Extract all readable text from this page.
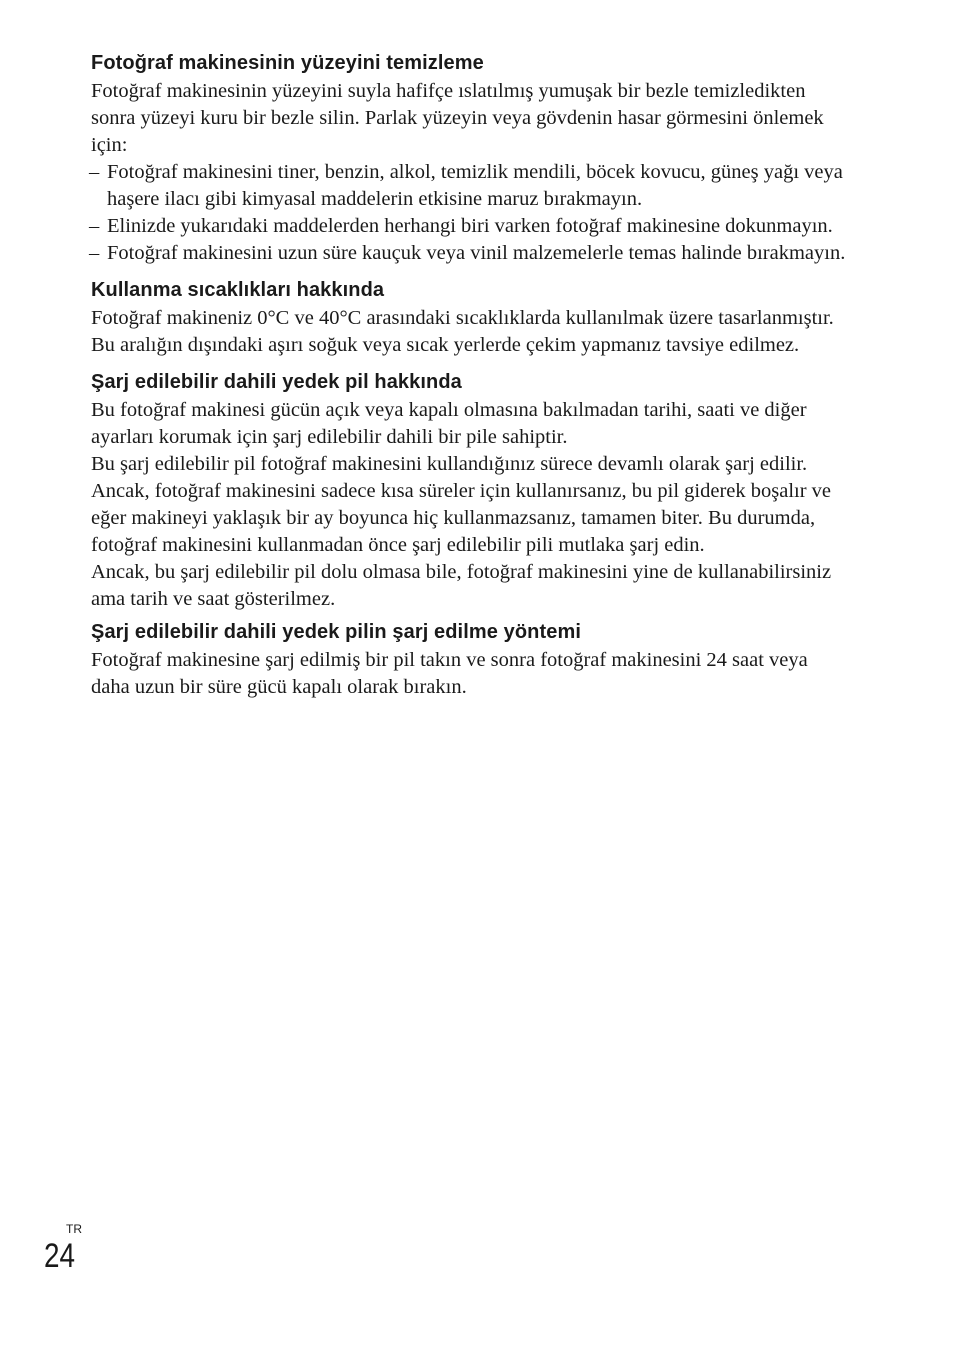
Fotoğraf makinesinin yüzeyini temizleme

Fotoğraf makinesinin yüzeyini suyla hafifçe ıslatılmış yumuşak bir bezle temizledikten sonra yüzeyi kuru bir bezle silin. Parlak yüzeyin veya gövdenin hasar görmesini önlemek için:

– Fotoğraf makinesini tiner, benzin, alkol, temizlik mendili, böcek kovucu, güneş yağı veya haşere ilacı gibi kimyasal maddelerin etkisine maruz bırakmayın.
– Elinizde yukarıdaki maddelerden herhangi biri varken fotoğraf makinesine dokunmayın.
– Fotoğraf makinesini uzun süre kauçuk veya vinil malzemelerle temas halinde bırakmayın.
Kullanma sıcaklıkları hakkında

Fotoğraf makineniz 0°C ve 40°C arasındaki sıcaklıklarda kullanılmak üzere tasarlanmıştır. Bu aralığın dışındaki aşırı soğuk veya sıcak yerlerde çekim yapmanız tavsiye edilmez.

Şarj edilebilir dahili yedek pil hakkında

Bu fotoğraf makinesi gücün açık veya kapalı olmasına bakılmadan tarihi, saati ve diğer ayarları korumak için şarj edilebilir dahili bir pile sahiptir.

Bu şarj edilebilir pil fotoğraf makinesini kullandığınız sürece devamlı olarak şarj edilir. Ancak, fotoğraf makinesini sadece kısa süreler için kullanırsanız, bu pil giderek boşalır ve eğer makineyi yaklaşık bir ay boyunca hiç kullanmazsanız, tamamen biter. Bu durumda, fotoğraf makinesini kullanmadan önce şarj edilebilir pili mutlaka şarj edin.

Ancak, bu şarj edilebilir pil dolu olmasa bile, fotoğraf makinesini yine de kullanabilirsiniz ama tarih ve saat gösterilmez.

Şarj edilebilir dahili yedek pilin şarj edilme yöntemi

Fotoğraf makinesine şarj edilmiş bir pil takın ve sonra fotoğraf makinesini 24 saat veya daha uzun bir süre gücü kapalı olarak bırakın.

TR
24
